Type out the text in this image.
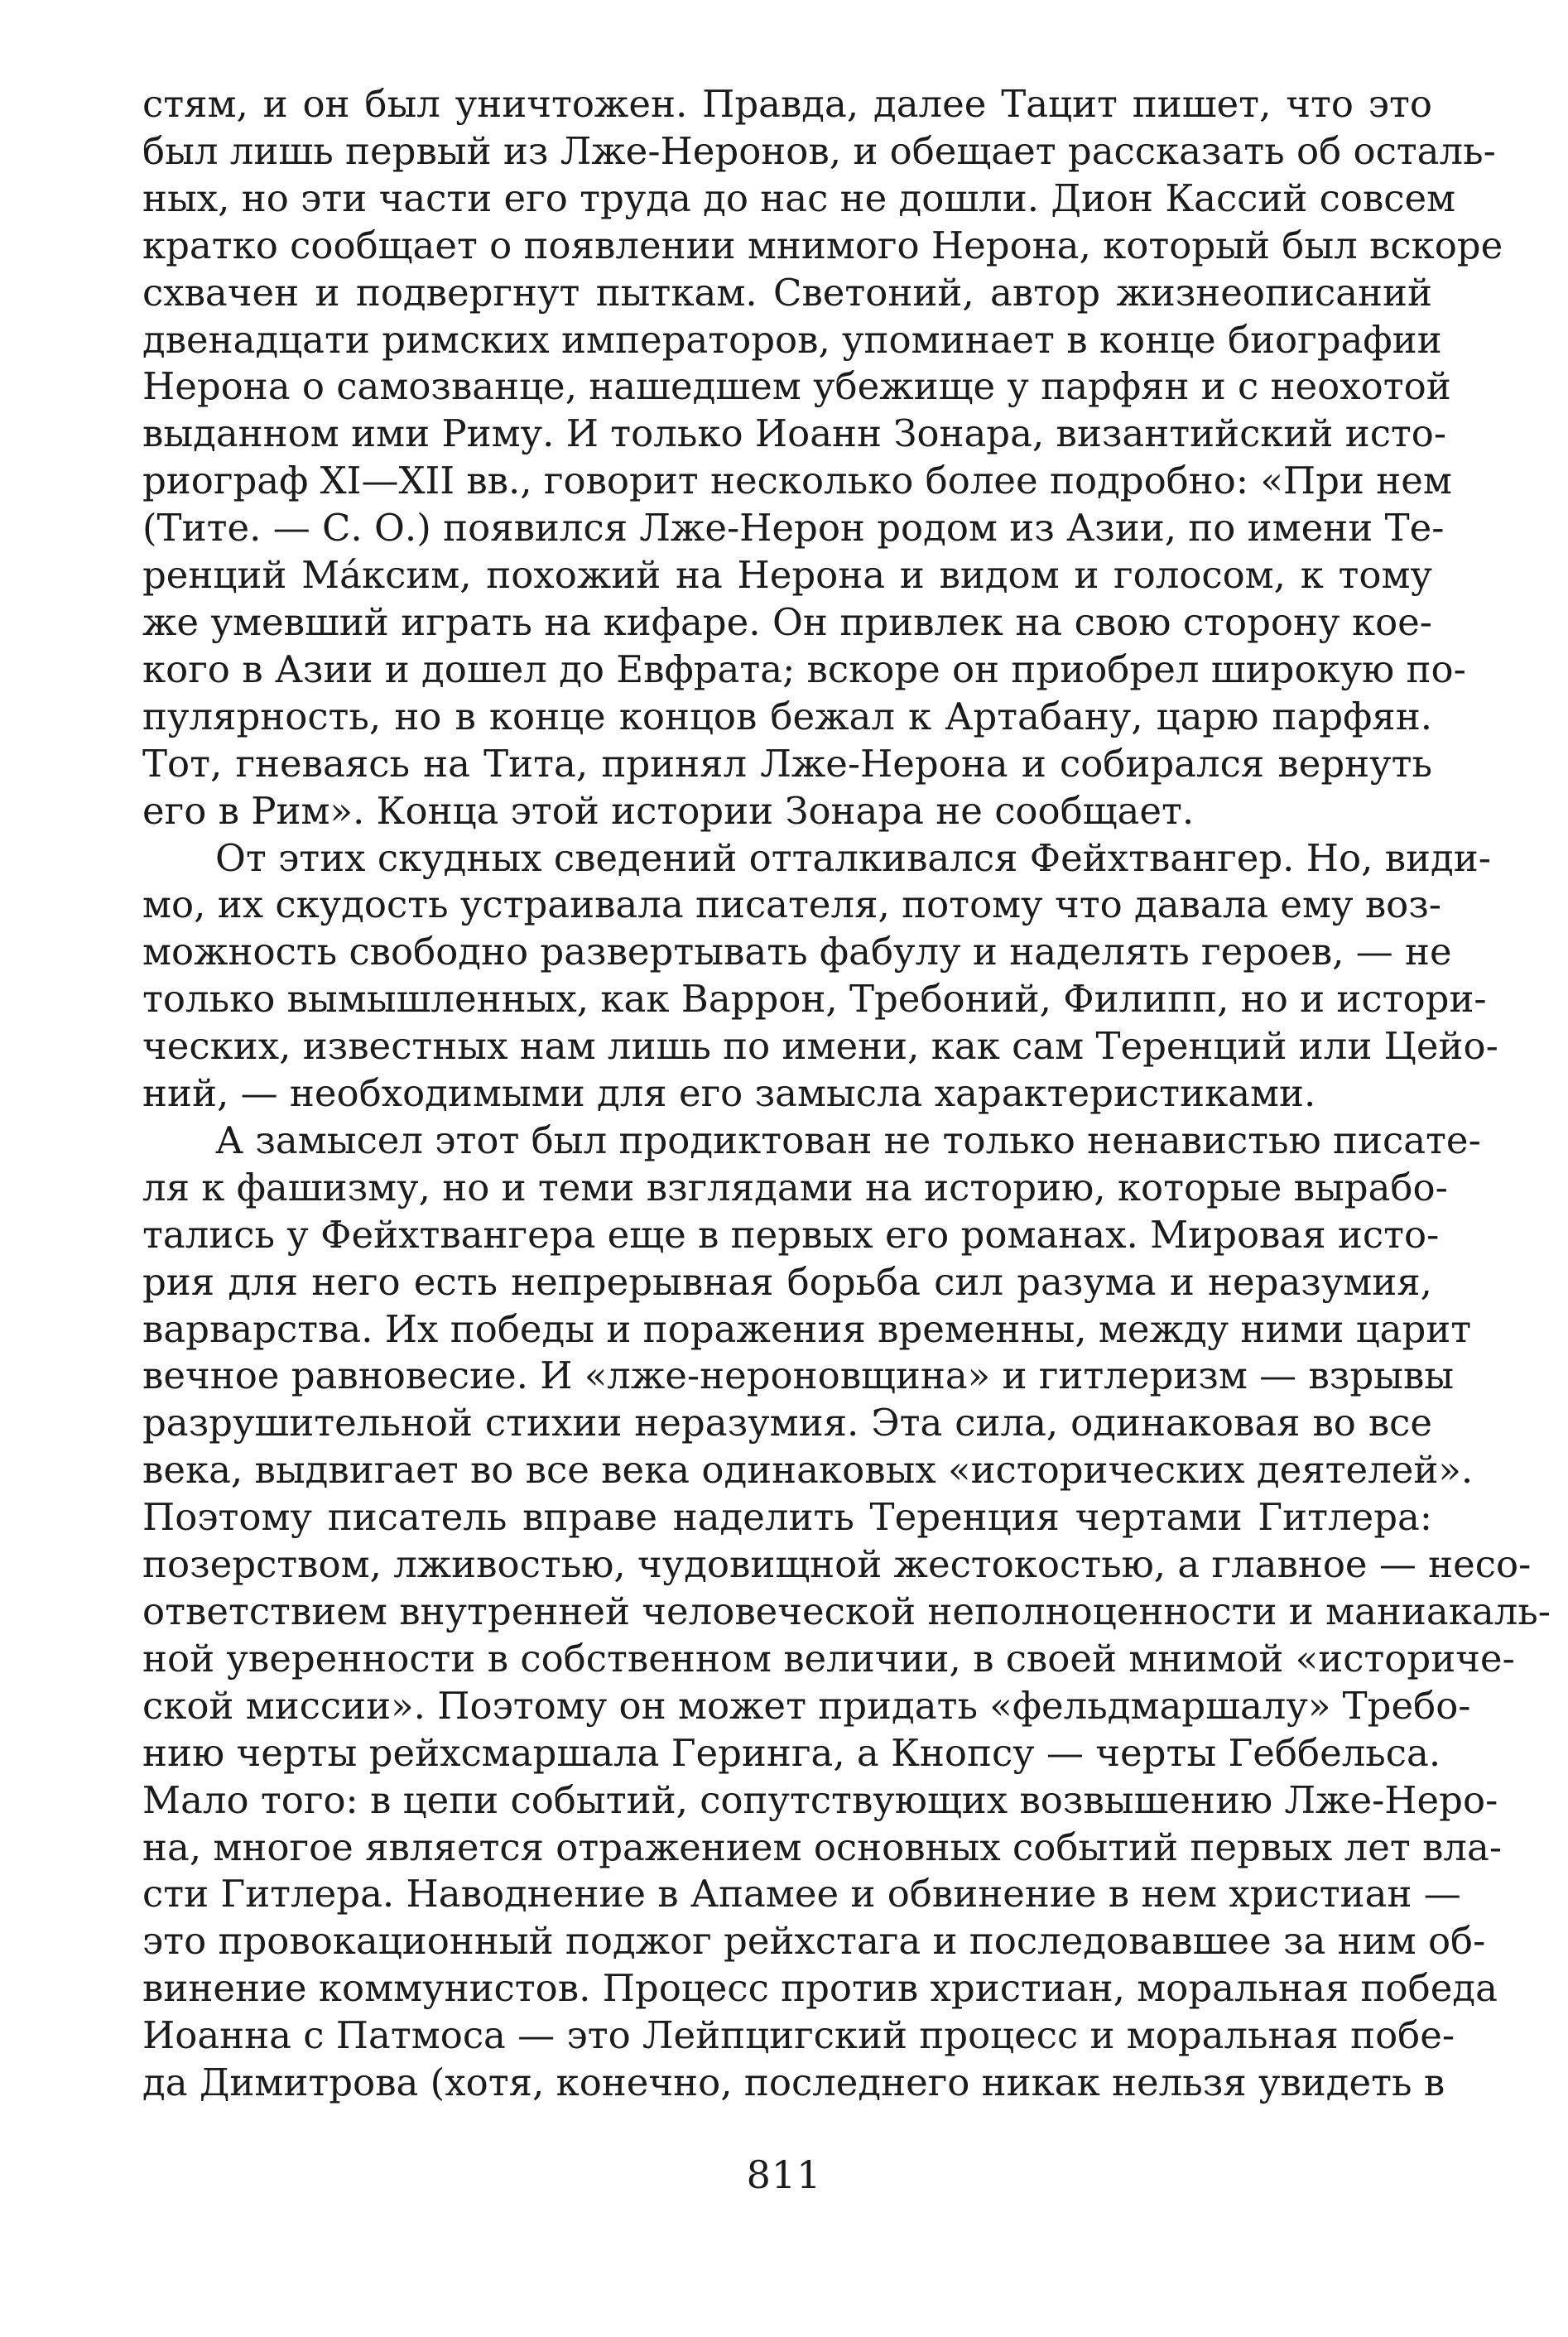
стям, и он был уничтожен. Правда, далее Тацит пишет, что это
был лишь первый из Лже-Неронов, и обещает рассказать об осталь-
ных, но эти части его труда до нас не дошли. Дион Кассий совсем
кратко сообщает о появлении мнимого Нерона, который был вскоре
схвачен и подвергнут пыткам. Светоний, автор жизнеописаний
двенадцати римских императоров, упоминает в конце биографии
Нерона о самозванце, нашедшем убежище у парфян и с неохотой
выданном ими Риму. И только Иоанн Зонара, византийский исто-
риограф XI—XII вв., говорит несколько более подробно: «При нем
(Тите. — С. О.) появился Лже-Нерон родом из Азии, по имени Те-
ренций Ма́ксим, похожий на Нерона и видом и голосом, к тому
же умевший играть на кифаре. Он привлек на свою сторону кое-
кого в Азии и дошел до Евфрата; вскоре он приобрел широкую по-
пулярность, но в конце концов бежал к Артабану, царю парфян.
Тот, гневаясь на Тита, принял Лже-Нерона и собирался вернуть
его в Рим». Конца этой истории Зонара не сообщает.

От этих скудных сведений отталкивался Фейхтвангер. Но, види-
мо, их скудость устраивала писателя, потому что давала ему воз-
можность свободно развертывать фабулу и наделять героев, — не
только вымышленных, как Варрон, Требоний, Филипп, но и истори-
ческих, известных нам лишь по имени, как сам Теренций или Цейо-
ний, — необходимыми для его замысла характеристиками.

А замысел этот был продиктован не только ненавистью писате-
ля к фашизму, но и теми взглядами на историю, которые вырабо-
тались у Фейхтвангера еще в первых его романах. Мировая исто-
рия для него есть непрерывная борьба сил разума и неразумия,
варварства. Их победы и поражения временны, между ними царит
вечное равновесие. И «лже-нероновщина» и гитлеризм — взрывы
разрушительной стихии неразумия. Эта сила, одинаковая во все
века, выдвигает во все века одинаковых «исторических деятелей».
Поэтому писатель вправе наделить Теренция чертами Гитлера:
позерством, лживостью, чудовищной жестокостью, а главное — несо-
ответствием внутренней человеческой неполноценности и маниакаль-
ной уверенности в собственном величии, в своей мнимой «историче-
ской миссии». Поэтому он может придать «фельдмаршалу» Требо-
нию черты рейхсмаршала Геринга, а Кнопсу — черты Геббельса.
Мало того: в цепи событий, сопутствующих возвышению Лже-Неро-
на, многое является отражением основных событий первых лет вла-
сти Гитлера. Наводнение в Апамее и обвинение в нем христиан —
это провокационный поджог рейхстага и последовавшее за ним об-
винение коммунистов. Процесс против христиан, моральная победа
Иоанна с Патмоса — это Лейпцигский процесс и моральная побе-
да Димитрова (хотя, конечно, последнего никак нельзя увидеть в

811
